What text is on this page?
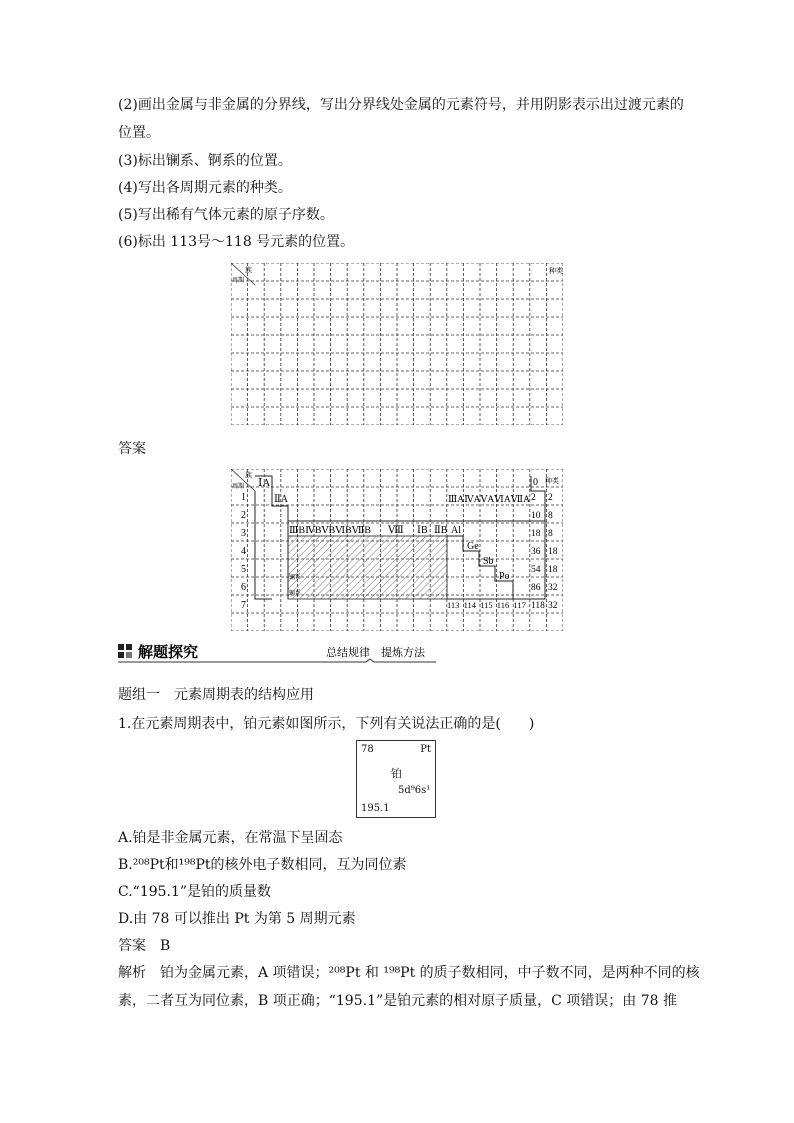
(2)画出金属与非金属的分界线，写出分界线处金属的元素符号，并用阴影表示出过渡元素的
位置。
(3)标出镧系、锕系的位置。
(4)写出各周期元素的种类。
(5)写出稀有气体元素的原子序数。
(6)标出 113号～118 号元素的位置。
族
周期
种类
答案
族
周期
种类
ⅠA
ⅡA
0
ⅢAⅣAⅤAⅥAⅦA
ⅢBⅣBⅤBⅥBⅦB Ⅷ ⅠB ⅡB Al
Ge
Sb
Po
镧系
锕系
1
2
3
4
5
6
7
2
10
18
36
54
86
118
2
8
8
18
18
32
32
113 114 115 116 117
解题探究	总结规律　提炼方法
题组一　元素周期表的结构应用
1.在元素周期表中，铂元素如图所示，下列有关说法正确的是(　　)
78	Pt
铂
5d⁹6s¹
195.1
A.铂是非金属元素，在常温下呈固态
B.²⁰⁸Pt和¹⁹⁸Pt的核外电子数相同，互为同位素
C.“195.1”是铂的质量数
D.由 78 可以推出 Pt 为第 5 周期元素
答案　B
解析　铂为金属元素，A 项错误；²⁰⁸Pt 和 ¹⁹⁸Pt 的质子数相同，中子数不同，是两种不同的核
素，二者互为同位素，B 项正确；“195.1”是铂元素的相对原子质量，C 项错误；由 78 推
